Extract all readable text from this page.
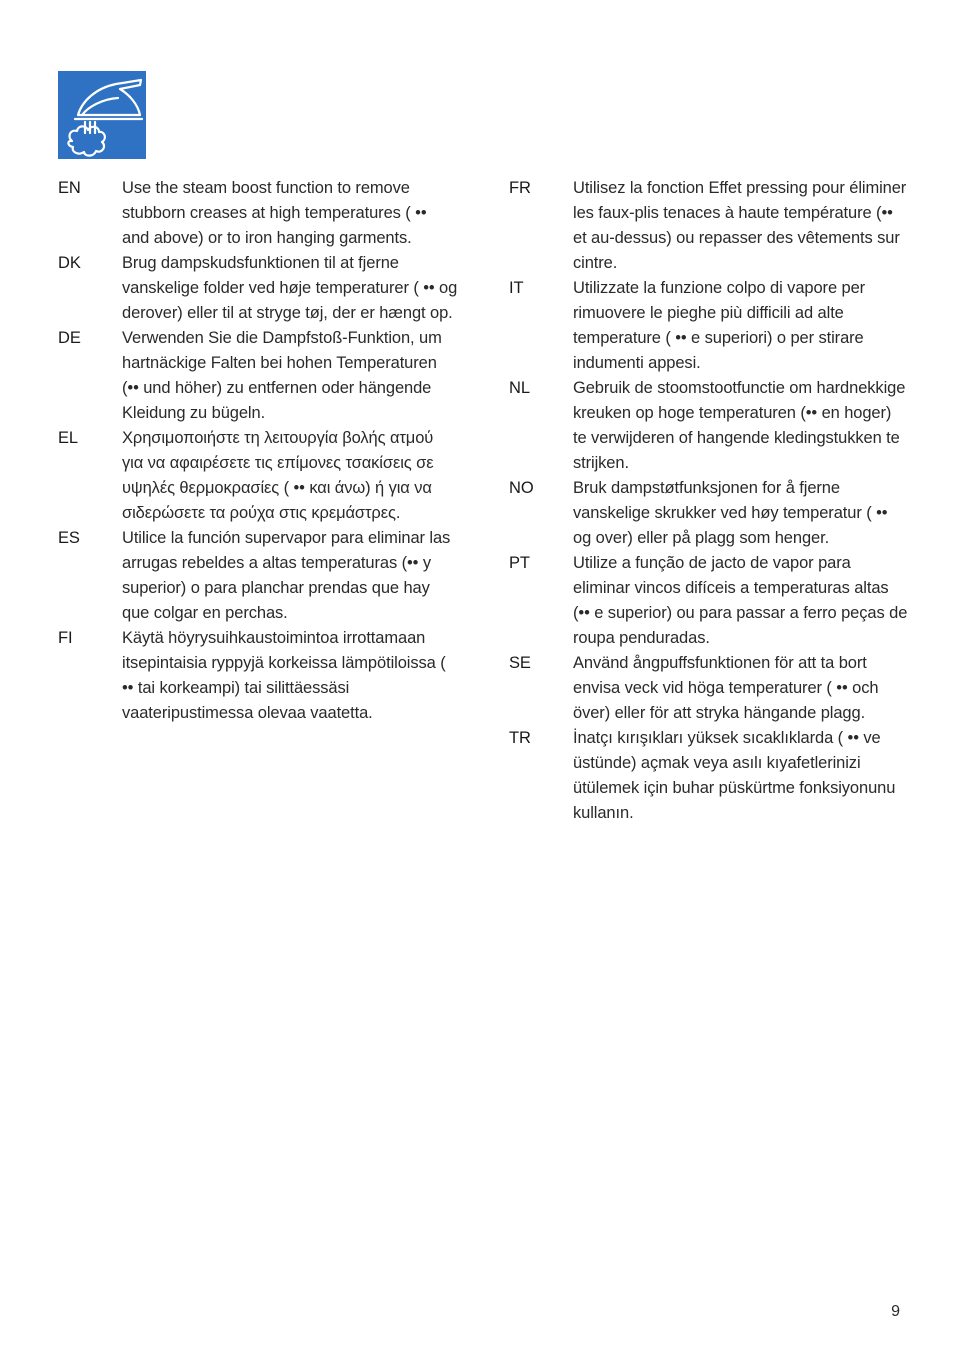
EN	Use the steam boost function to remove stubborn creases at high temperatures ( •• and above) or to iron hanging garments.
DK	Brug dampskudsfunktionen til at fjerne vanskelige folder ved høje temperaturer ( •• og derover) eller til at stryge tøj, der er hængt op.
DE	Verwenden Sie die Dampfstoß-Funktion, um hartnäckige Falten bei hohen Temperaturen (•• und höher) zu entfernen oder hängende Kleidung zu bügeln.
EL	Χρησιμοποιήστε τη λειτουργία βολής ατμού για να αφαιρέσετε τις επίμονες τσακίσεις σε υψηλές θερμοκρασίες ( •• και άνω) ή για να σιδερώσετε τα ρούχα στις κρεμάστρες.
ES	Utilice la función supervapor para eliminar las arrugas rebeldes a altas temperaturas (•• y superior) o para planchar prendas que hay que colgar en perchas.
FI	Käytä höyrysuihkaustoimintoa irrottamaan itsepintaisia ryppyjä korkeissa lämpötiloissa ( •• tai korkeampi) tai silittäessäsi vaateripustimessa olevaa vaatetta.
FR	Utilisez la fonction Effet pressing pour éliminer les faux-plis tenaces à haute température (•• et au-dessus) ou repasser des vêtements sur cintre.
IT	Utilizzate la funzione colpo di vapore per rimuovere le pieghe più difficili ad alte temperature ( •• e superiori) o per stirare indumenti appesi.
NL	Gebruik de stoomstootfunctie om hardnekkige kreuken op hoge temperaturen (•• en hoger) te verwijderen of hangende kledingstukken te strijken.
NO	Bruk dampstøtfunksjonen for å fjerne vanskelige skrukker ved høy temperatur ( •• og over) eller på plagg som henger.
PT	Utilize a função de jacto de vapor para eliminar vincos difíceis a temperaturas altas (•• e superior) ou para passar a ferro peças de roupa penduradas.
SE	Använd ångpuffsfunktionen för att ta bort envisa veck vid höga temperaturer ( •• och över) eller för att stryka hängande plagg.
TR	İnatçı kırışıkları yüksek sıcaklıklarda ( •• ve üstünde) açmak veya asılı kıyafetlerinizi ütülemek için buhar püskürtme fonksiyonunu kullanın.
9
